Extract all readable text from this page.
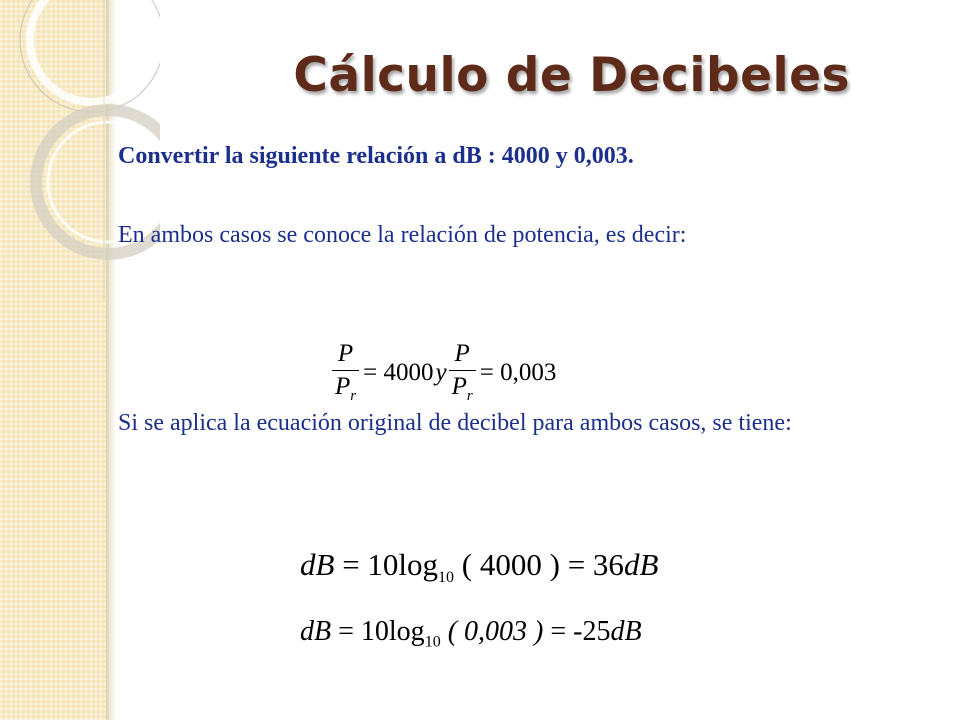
Cálculo de Decibeles
Convertir la siguiente relación a dB : 4000 y 0,003.
En ambos casos se conoce la relación de potencia, es decir:
$\frac{P}{P_r} = 4000$ y $\frac{P}{P_r} = 0,003$
Si se aplica la ecuación original de decibel para ambos casos, se tiene:
dB = $10\log_{10}$ ( 4000 ) = 36dB
dB = $10\log_{10}$ ( 0,003 ) = -25dB
